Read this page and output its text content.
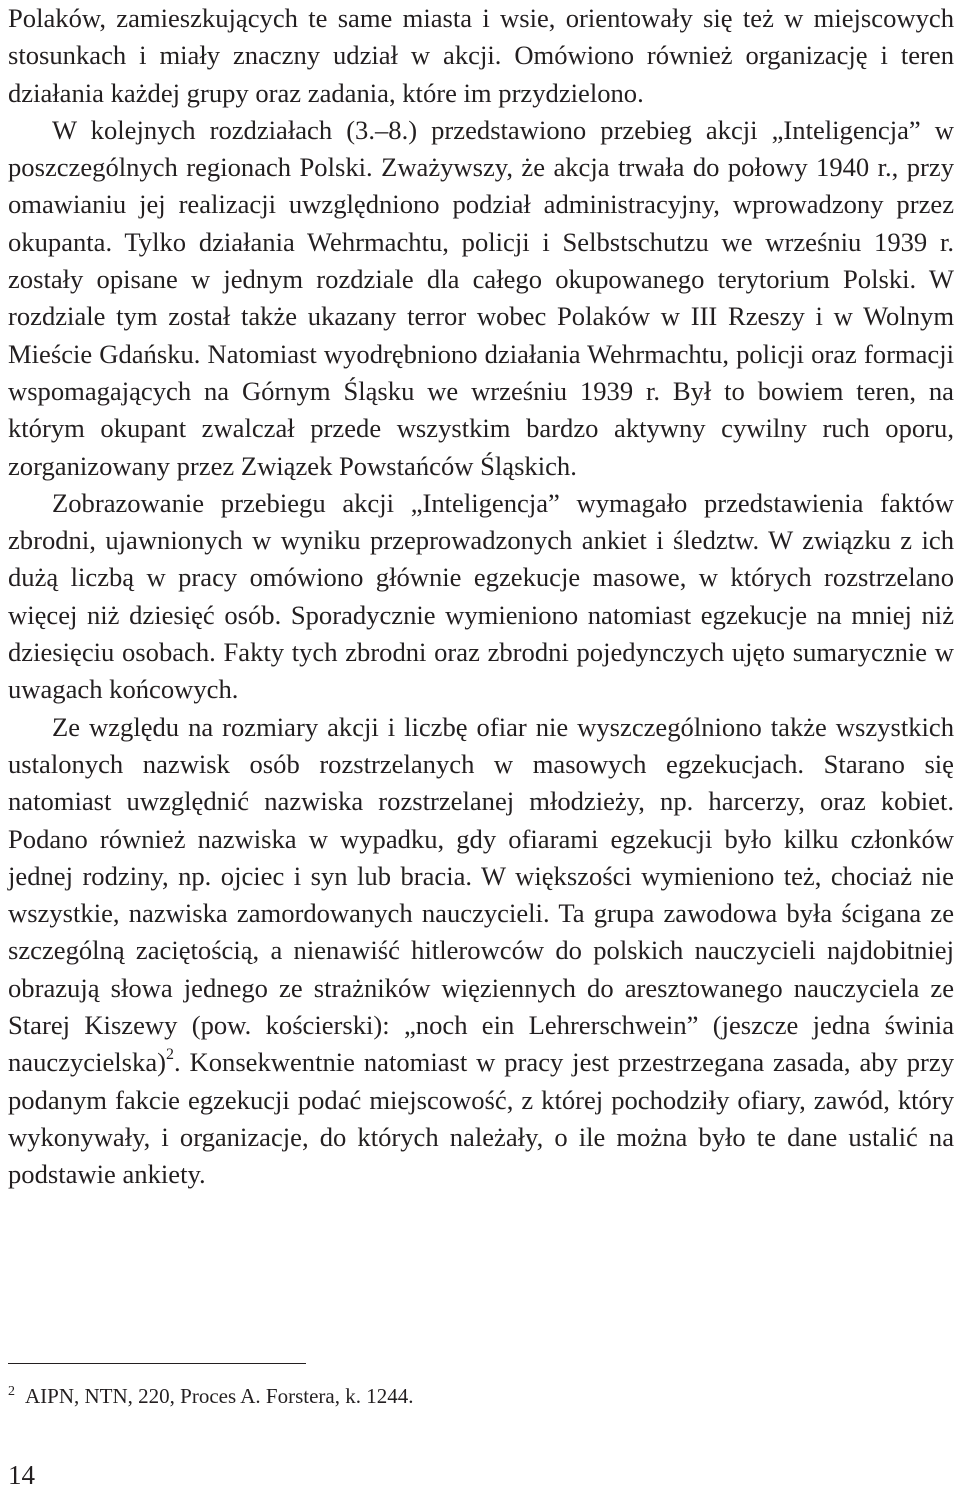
Polaków, zamieszkujących te same miasta i wsie, orientowały się też w miejscowych stosunkach i miały znaczny udział w akcji. Omówiono również organizację i teren działania każdej grupy oraz zadania, które im przydzielono.

W kolejnych rozdziałach (3.–8.) przedstawiono przebieg akcji „Inteligencja” w poszczególnych regionach Polski. Zważywszy, że akcja trwała do połowy 1940 r., przy omawianiu jej realizacji uwzględniono podział administracyjny, wprowadzony przez okupanta. Tylko działania Wehrmachtu, policji i Selbstschutzu we wrześniu 1939 r. zostały opisane w jednym rozdziale dla całego okupowanego terytorium Polski. W rozdziale tym został także ukazany terror wobec Polaków w III Rzeszy i w Wolnym Mieście Gdańsku. Natomiast wyodrębniono działania Wehrmachtu, policji oraz formacji wspomagających na Górnym Śląsku we wrześniu 1939 r. Był to bowiem teren, na którym okupant zwalczał przede wszystkim bardzo aktywny cywilny ruch oporu, zorganizowany przez Związek Powstańców Śląskich.

Zobrazowanie przebiegu akcji „Inteligencja” wymagało przedstawienia faktów zbrodni, ujawnionych w wyniku przeprowadzonych ankiet i śledztw. W związku z ich dużą liczbą w pracy omówiono głównie egzekucje masowe, w których rozstrzelano więcej niż dziesięć osób. Sporadycznie wymieniono natomiast egzekucje na mniej niż dziesięciu osobach. Fakty tych zbrodni oraz zbrodni pojedynczych ujęto sumarycznie w uwagach końcowych.

Ze względu na rozmiary akcji i liczbę ofiar nie wyszczególniono także wszystkich ustalonych nazwisk osób rozstrzelanych w masowych egzekucjach. Starano się natomiast uwzględnić nazwiska rozstrzelanej młodzieży, np. harcerzy, oraz kobiet. Podano również nazwiska w wypadku, gdy ofiarami egzekucji było kilku członków jednej rodziny, np. ojciec i syn lub bracia. W większości wymieniono też, chociaż nie wszystkie, nazwiska zamordowanych nauczycieli. Ta grupa zawodowa była ścigana ze szczególną zaciętością, a nienawiść hitlerowców do polskich nauczycieli najdobitniej obrazują słowa jednego ze strażników więziennych do aresztowanego nauczyciela ze Starej Kiszewy (pow. kościerski): „noch ein Lehrerschwein” (jeszcze jedna świnia nauczycielska)$^2$. Konsekwentnie natomiast w pracy jest przestrzegana zasada, aby przy podanym fakcie egzekucji podać miejscowość, z której pochodziły ofiary, zawód, który wykonywały, i organizacje, do których należały, o ile można było te dane ustalić na podstawie ankiety.

$^2$ AIPN, NTN, 220, Proces A. Forstera, k. 1244.

14
